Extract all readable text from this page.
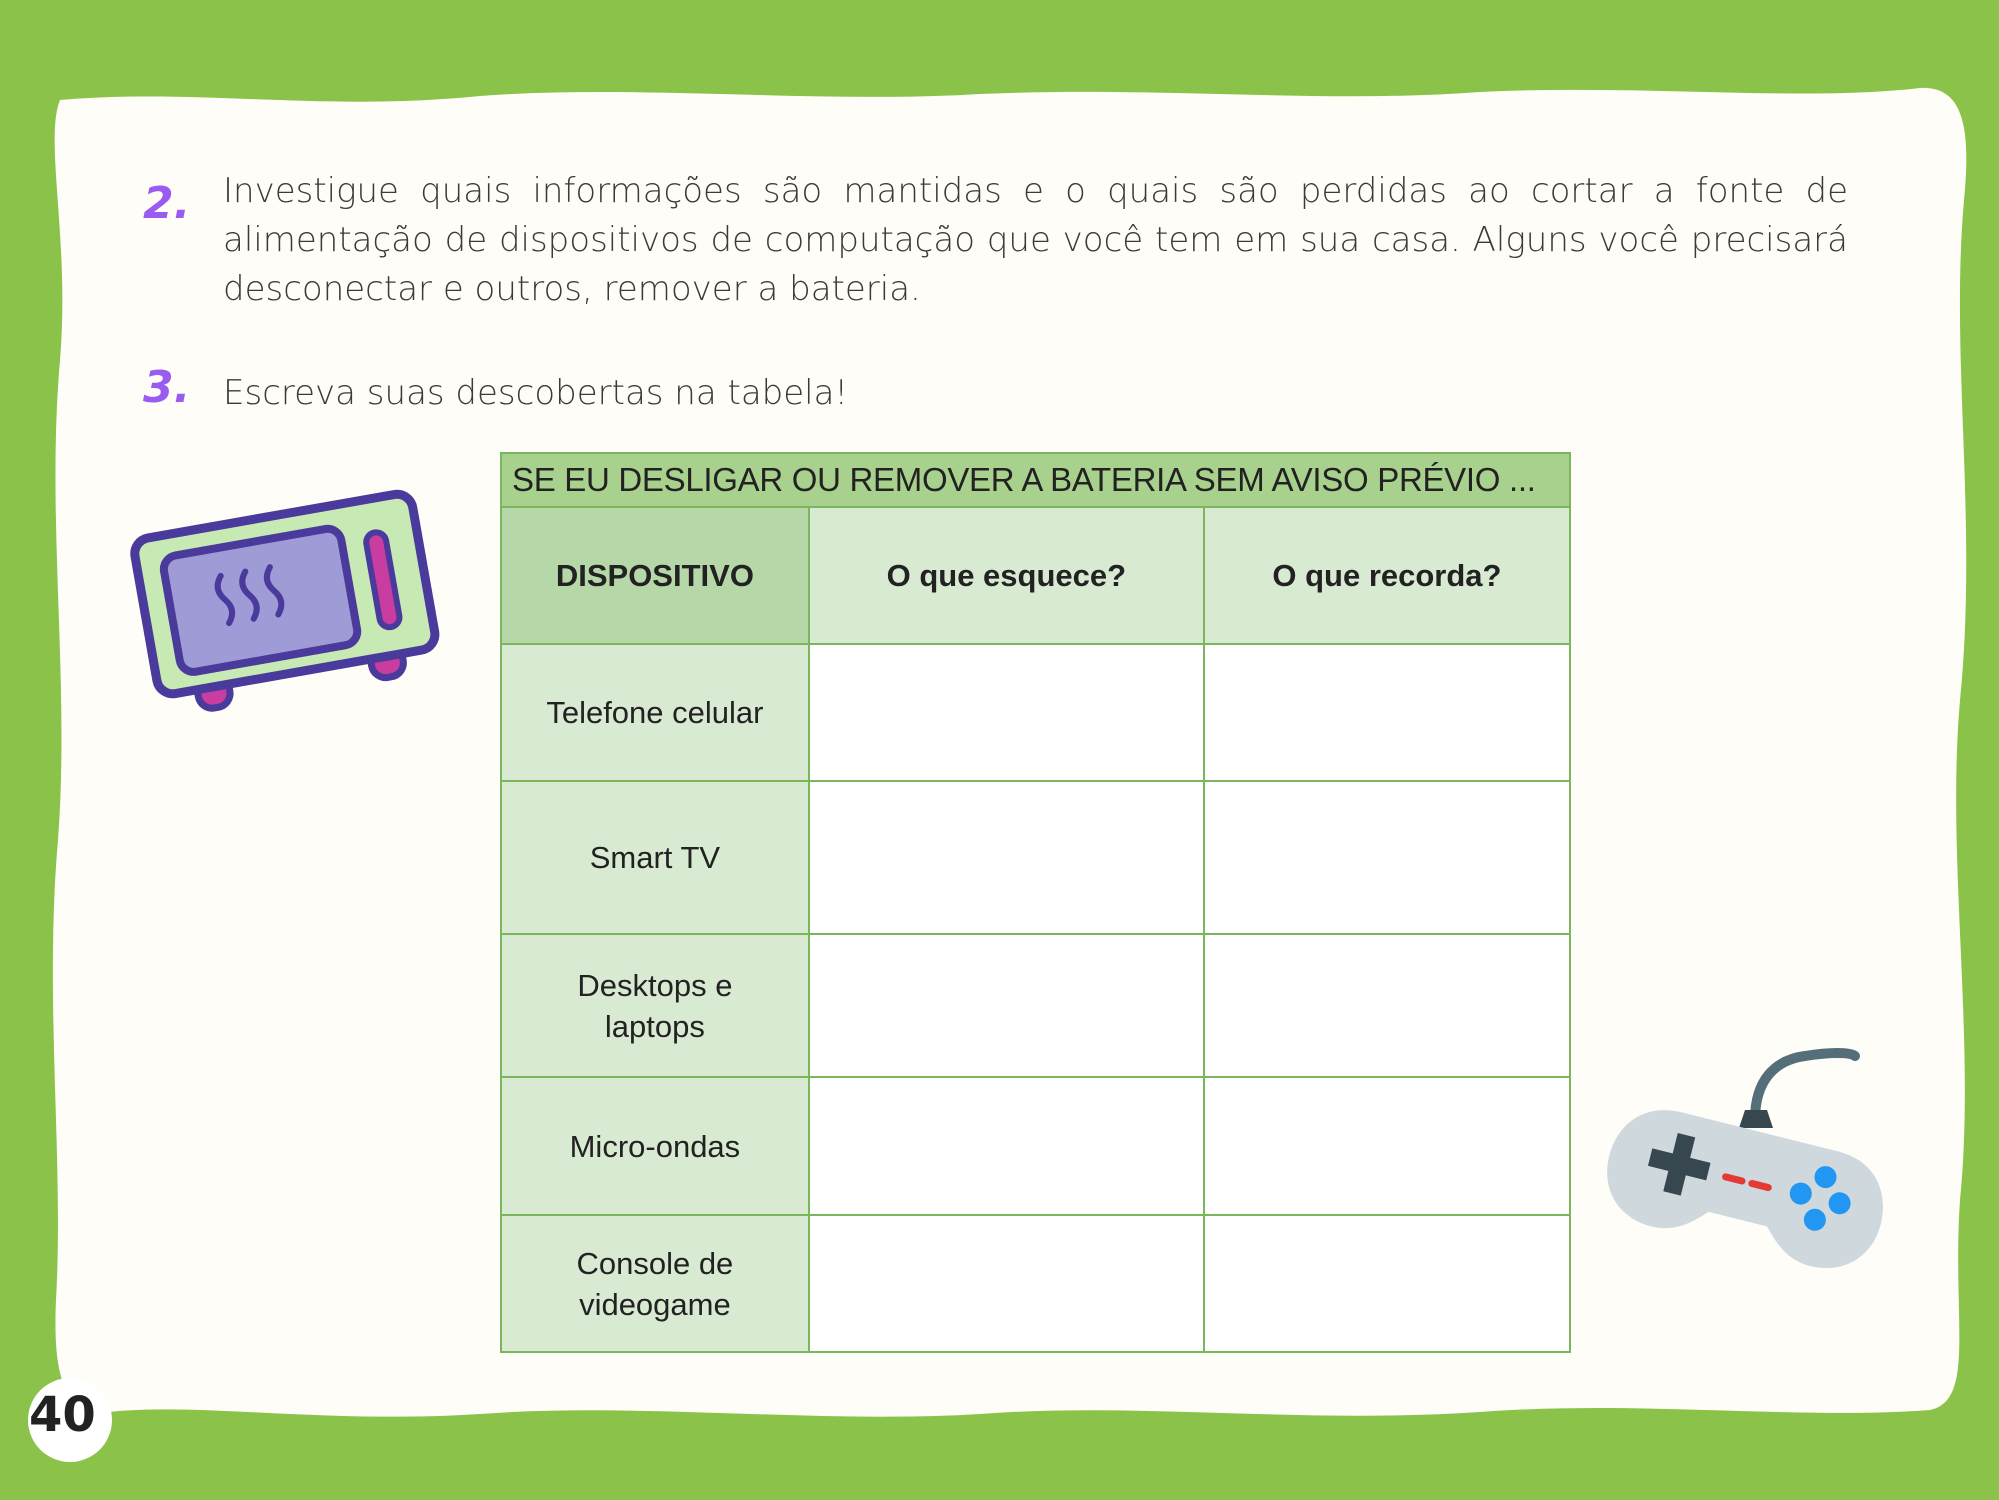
2. Investigue quais informações são mantidas e o quais são perdidas ao cortar a fonte de alimentação de dispositivos de computação que você tem em sua casa. Alguns você precisará desconectar e outros, remover a bateria.
3. Escreva suas descobertas na tabela!
SE EU DESLIGAR OU REMOVER A BATERIA SEM AVISO PRÉVIO ...		
DISPOSITIVO	O que esquece?	O que recorda?
Telefone celular		
Smart TV		
Desktops e laptops		
Micro-ondas		
Console de videogame		
40
